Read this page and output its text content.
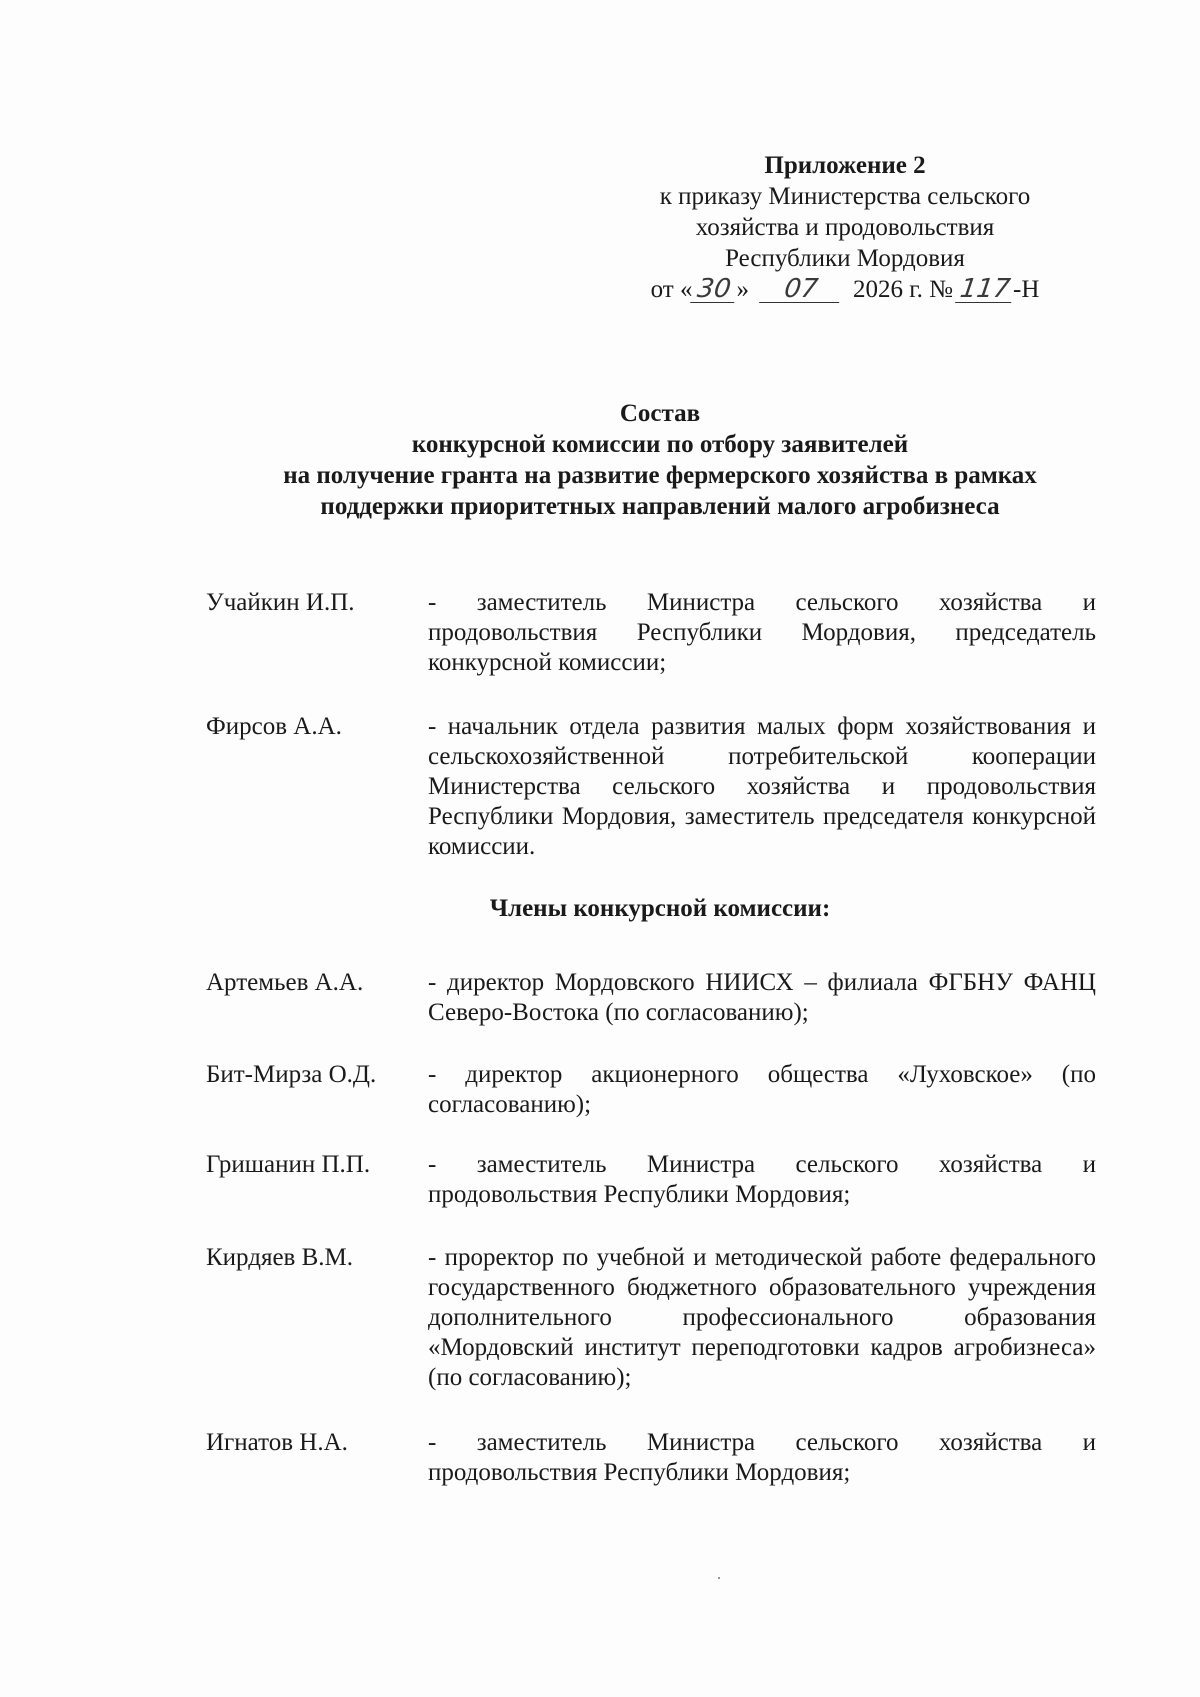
Приложение 2
к приказу Министерства сельского
хозяйства и продовольствия
Республики Мордовия
от « 30 » 07 2026 г. № 117-Н
Состав
конкурсной комиссии по отбору заявителей
на получение гранта на развитие фермерского хозяйства в рамках
поддержки приоритетных направлений малого агробизнеса
Учайкин И.П.	- заместитель Министра сельского хозяйства и продовольствия Республики Мордовия, председатель конкурсной комиссии;
Фирсов А.А.	- начальник отдела развития малых форм хозяйствования и сельскохозяйственной потребительской кооперации Министерства сельского хозяйства и продовольствия Республики Мордовия, заместитель председателя конкурсной комиссии.
Члены конкурсной комиссии:
Артемьев А.А.	- директор Мордовского НИИСХ – филиала ФГБНУ ФАНЦ Северо-Востока (по согласованию);
Бит-Мирза О.Д.	- директор акционерного общества «Луховское» (по согласованию);
Гришанин П.П.	- заместитель Министра сельского хозяйства и продовольствия Республики Мордовия;
Кирдяев В.М.	- проректор по учебной и методической работе федерального государственного бюджетного образовательного учреждения дополнительного профессионального образования «Мордовский институт переподготовки кадров агробизнеса» (по согласованию);
Игнатов Н.А.	- заместитель Министра сельского хозяйства и продовольствия Республики Мордовия;
